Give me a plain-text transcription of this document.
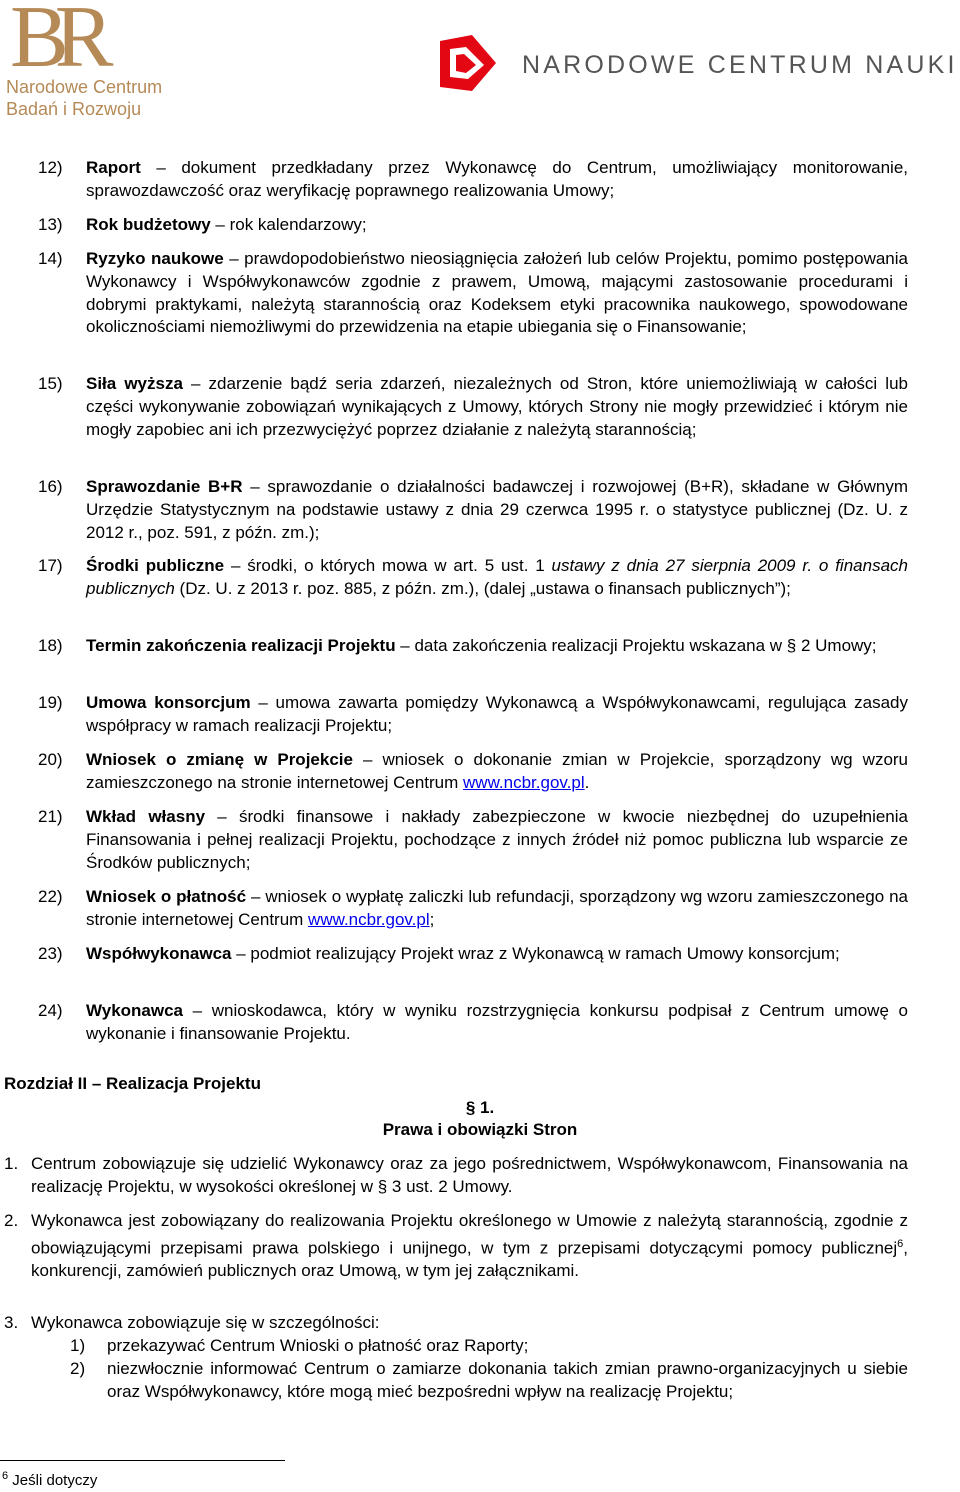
BR
Narodowe Centrum
Badań i Rozwoju
NARODOWE CENTRUM NAUKI
12) Raport – dokument przedkładany przez Wykonawcę do Centrum, umożliwiający monitorowanie, sprawozdawczość oraz weryfikację poprawnego realizowania Umowy;
13) Rok budżetowy – rok kalendarzowy;
14) Ryzyko naukowe – prawdopodobieństwo nieosiągnięcia założeń lub celów Projektu, pomimo postępowania Wykonawcy i Współwykonawców zgodnie z prawem, Umową, mającymi zastosowanie procedurami i dobrymi praktykami, należytą starannością oraz Kodeksem etyki pracownika naukowego, spowodowane okolicznościami niemożliwymi do przewidzenia na etapie ubiegania się o Finansowanie;
15) Siła wyższa – zdarzenie bądź seria zdarzeń, niezależnych od Stron, które uniemożliwiają w całości lub części wykonywanie zobowiązań wynikających z Umowy, których Strony nie mogły przewidzieć i którym nie mogły zapobiec ani ich przezwyciężyć poprzez działanie z należytą starannością;
16) Sprawozdanie B+R – sprawozdanie o działalności badawczej i rozwojowej (B+R), składane w Głównym Urzędzie Statystycznym na podstawie ustawy z dnia 29 czerwca 1995 r. o statystyce publicznej (Dz. U. z 2012 r., poz. 591, z późn. zm.);
17) Środki publiczne – środki, o których mowa w art. 5 ust. 1 ustawy z dnia 27 sierpnia 2009 r. o finansach publicznych (Dz. U. z 2013 r. poz. 885, z późn. zm.), (dalej „ustawa o finansach publicznych”);
18) Termin zakończenia realizacji Projektu – data zakończenia realizacji Projektu wskazana w § 2 Umowy;
19) Umowa konsorcjum – umowa zawarta pomiędzy Wykonawcą a Współwykonawcami, regulująca zasady współpracy w ramach realizacji Projektu;
20) Wniosek o zmianę w Projekcie – wniosek o dokonanie zmian w Projekcie, sporządzony wg wzoru zamieszczonego na stronie internetowej Centrum www.ncbr.gov.pl.
21) Wkład własny – środki finansowe i nakłady zabezpieczone w kwocie niezbędnej do uzupełnienia Finansowania i pełnej realizacji Projektu, pochodzące z innych źródeł niż pomoc publiczna lub wsparcie ze Środków publicznych;
22) Wniosek o płatność – wniosek o wypłatę zaliczki lub refundacji, sporządzony wg wzoru zamieszczonego na stronie internetowej Centrum www.ncbr.gov.pl;
23) Współwykonawca – podmiot realizujący Projekt wraz z Wykonawcą w ramach Umowy konsorcjum;
24) Wykonawca – wnioskodawca, który w wyniku rozstrzygnięcia konkursu podpisał z Centrum umowę o wykonanie i finansowanie Projektu.
Rozdział II – Realizacja Projektu
§ 1.
Prawa i obowiązki Stron
1. Centrum zobowiązuje się udzielić Wykonawcy oraz za jego pośrednictwem, Współwykonawcom, Finansowania na realizację Projektu, w wysokości określonej w § 3 ust. 2 Umowy.
2. Wykonawca jest zobowiązany do realizowania Projektu określonego w Umowie z należytą starannością, zgodnie z obowiązującymi przepisami prawa polskiego i unijnego, w tym z przepisami dotyczącymi pomocy publicznej$^6$, konkurencji, zamówień publicznych oraz Umową, w tym jej załącznikami.
3. Wykonawca zobowiązuje się w szczególności:
1) przekazywać Centrum Wnioski o płatność oraz Raporty;
2) niezwłocznie informować Centrum o zamiarze dokonania takich zmian prawno-organizacyjnych u siebie oraz Współwykonawcy, które mogą mieć bezpośredni wpływ na realizację Projektu;
$^6$ Jeśli dotyczy
